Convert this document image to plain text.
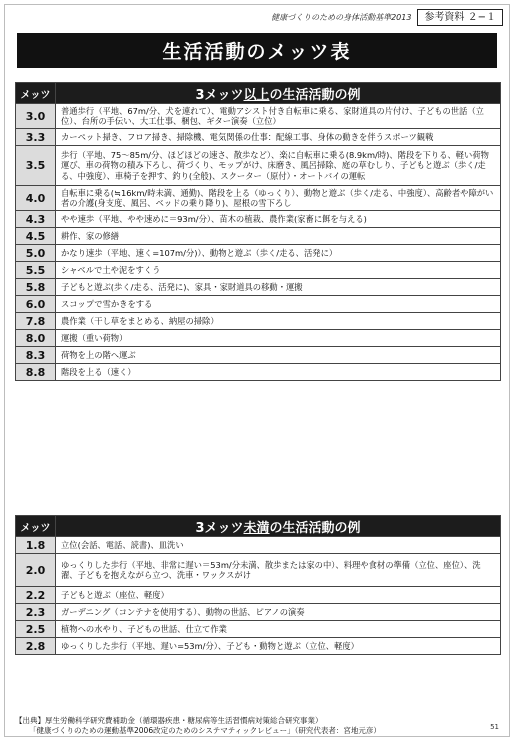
健康づくりのための身体活動基準2013	参考資料 ２−１
生活活動のメッツ表
メッツ	3メッツ以上の生活活動の例
3.0	普通歩行（平地、67m/分、犬を連れて）、電動アシスト付き自転車に乗る、家財道具の片付け、子どもの世話（立位）、台所の手伝い、大工仕事、梱包、ギター演奏（立位）
3.3	カーペット掃き、フロア掃き、掃除機、電気関係の仕事：配線工事、身体の動きを伴うスポーツ観戦
3.5	歩行（平地、75～85m/分、ほどほどの速さ、散歩など）、楽に自転車に乗る(8.9km/時)、階段を下りる、軽い荷物運び、車の荷物の積み下ろし、荷づくり、モップがけ、床磨き、風呂掃除、庭の草むしり、子どもと遊ぶ（歩く/走る、中強度）、車椅子を押す、釣り(全般)、スクーター（原付）・オートバイの運転
4.0	自転車に乗る(≒16km/時未満、通勤)、階段を上る（ゆっくり）、動物と遊ぶ（歩く/走る、中強度）、高齢者や障がい者の介護(身支度、風呂、ベッドの乗り降り)、屋根の雪下ろし
4.3	やや速歩（平地、やや速めに＝93m/分）、苗木の植栽、農作業(家畜に餌を与える)
4.5	耕作、家の修繕
5.0	かなり速歩（平地、速く=107m/分)）、動物と遊ぶ（歩く/走る、活発に）
5.5	シャベルで土や泥をすくう
5.8	子どもと遊ぶ(歩く/走る、活発に)、家具・家財道具の移動・運搬
6.0	スコップで雪かきをする
7.8	農作業（干し草をまとめる、納屋の掃除）
8.0	運搬（重い荷物）
8.3	荷物を上の階へ運ぶ
8.8	階段を上る（速く）
メッツ	3メッツ未満の生活活動の例
1.8	立位(会話、電話、読書)、皿洗い
2.0	ゆっくりした歩行（平地、非常に遅い＝53m/分未満、散歩または家の中）、料理や食材の準備（立位、座位）、洗濯、子どもを抱えながら立つ、洗車・ワックスがけ
2.2	子どもと遊ぶ（座位、軽度）
2.3	ガーデニング（コンテナを使用する）、動物の世話、ピアノの演奏
2.5	植物への水やり、子どもの世話、仕立て作業
2.8	ゆっくりした歩行（平地、遅い=53m/分）、子ども・動物と遊ぶ（立位、軽度）
【出典】厚生労働科学研究費補助金（循環器疾患・糖尿病等生活習慣病対策総合研究事業）
「健康づくりのための運動基準2006改定のためのシステマティックレビュー」（研究代表者：宮地元彦）	51
